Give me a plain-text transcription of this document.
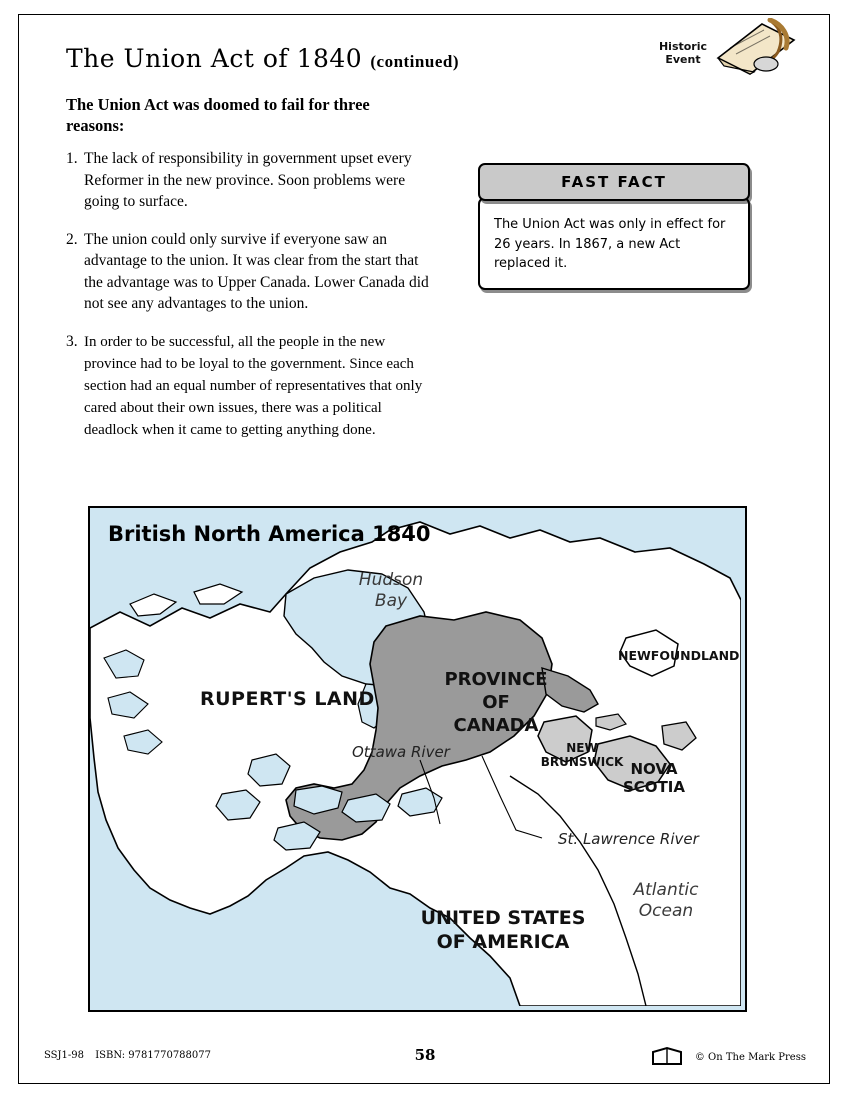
The Union Act of 1840 (continued)
Historic
Event
The Union Act was doomed to fail for three reasons:
1. The lack of responsibility in government upset every Reformer in the new province. Soon problems were going to surface.
2. The union could only survive if everyone saw an advantage to the union. It was clear from the start that the advantage was to Upper Canada. Lower Canada did not see any advantages to the union.
3. In order to be successful, all the people in the new province had to be loyal to the government. Since each section had an equal number of representatives that only cared about their own issues, there was a political deadlock when it came to getting anything done.
FAST FACT
The Union Act was only in effect for 26 years. In 1867, a new Act replaced it.
British North America 1840
Hudson
Bay
RUPERT'S LAND
PROVINCE
OF
CANADA
NEWFOUNDLAND
Ottawa River	NEW
BRUNSWICK NOVA
SCOTIA
St. Lawrence River
UNITED STATES
OF AMERICA
Atlantic
Ocean
SSJ1-98 ISBN: 9781770788077	58	© On The Mark Press
